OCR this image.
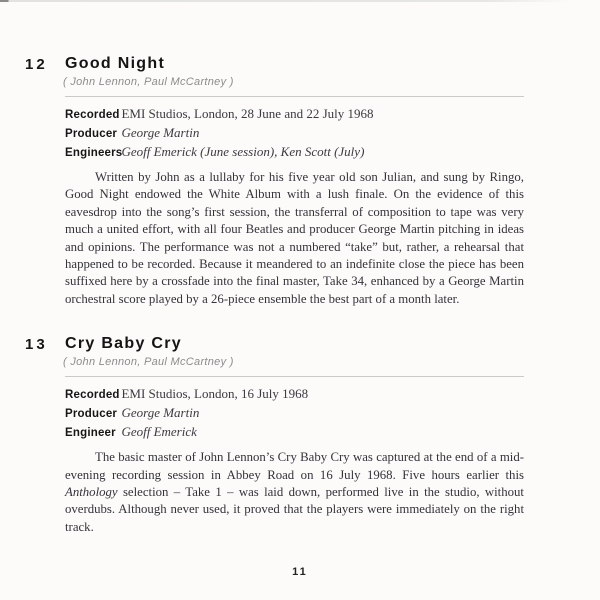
12	Good Night
( John Lennon, Paul McCartney )
Recorded EMI Studios, London, 28 June and 22 July 1968
Producer George Martin
Engineers Geoff Emerick (June session), Ken Scott (July)

Written by John as a lullaby for his five year old son Julian, and sung by Ringo, Good Night endowed the White Album with a lush finale. On the evidence of this eavesdrop into the song’s first session, the transferral of composition to tape was very much a united effort, with all four Beatles and producer George Martin pitching in ideas and opinions. The performance was not a numbered “take” but, rather, a rehearsal that happened to be recorded. Because it meandered to an indefinite close the piece has been suffixed here by a crossfade into the final master, Take 34, enhanced by a George Martin orchestral score played by a 26-piece ensemble the best part of a month later.

13	Cry Baby Cry
( John Lennon, Paul McCartney )
Recorded EMI Studios, London, 16 July 1968
Producer George Martin
Engineer Geoff Emerick

The basic master of John Lennon’s Cry Baby Cry was captured at the end of a mid-evening recording session in Abbey Road on 16 July 1968. Five hours earlier this Anthology selection – Take 1 – was laid down, performed live in the studio, without overdubs. Although never used, it proved that the players were immediately on the right track.

11
